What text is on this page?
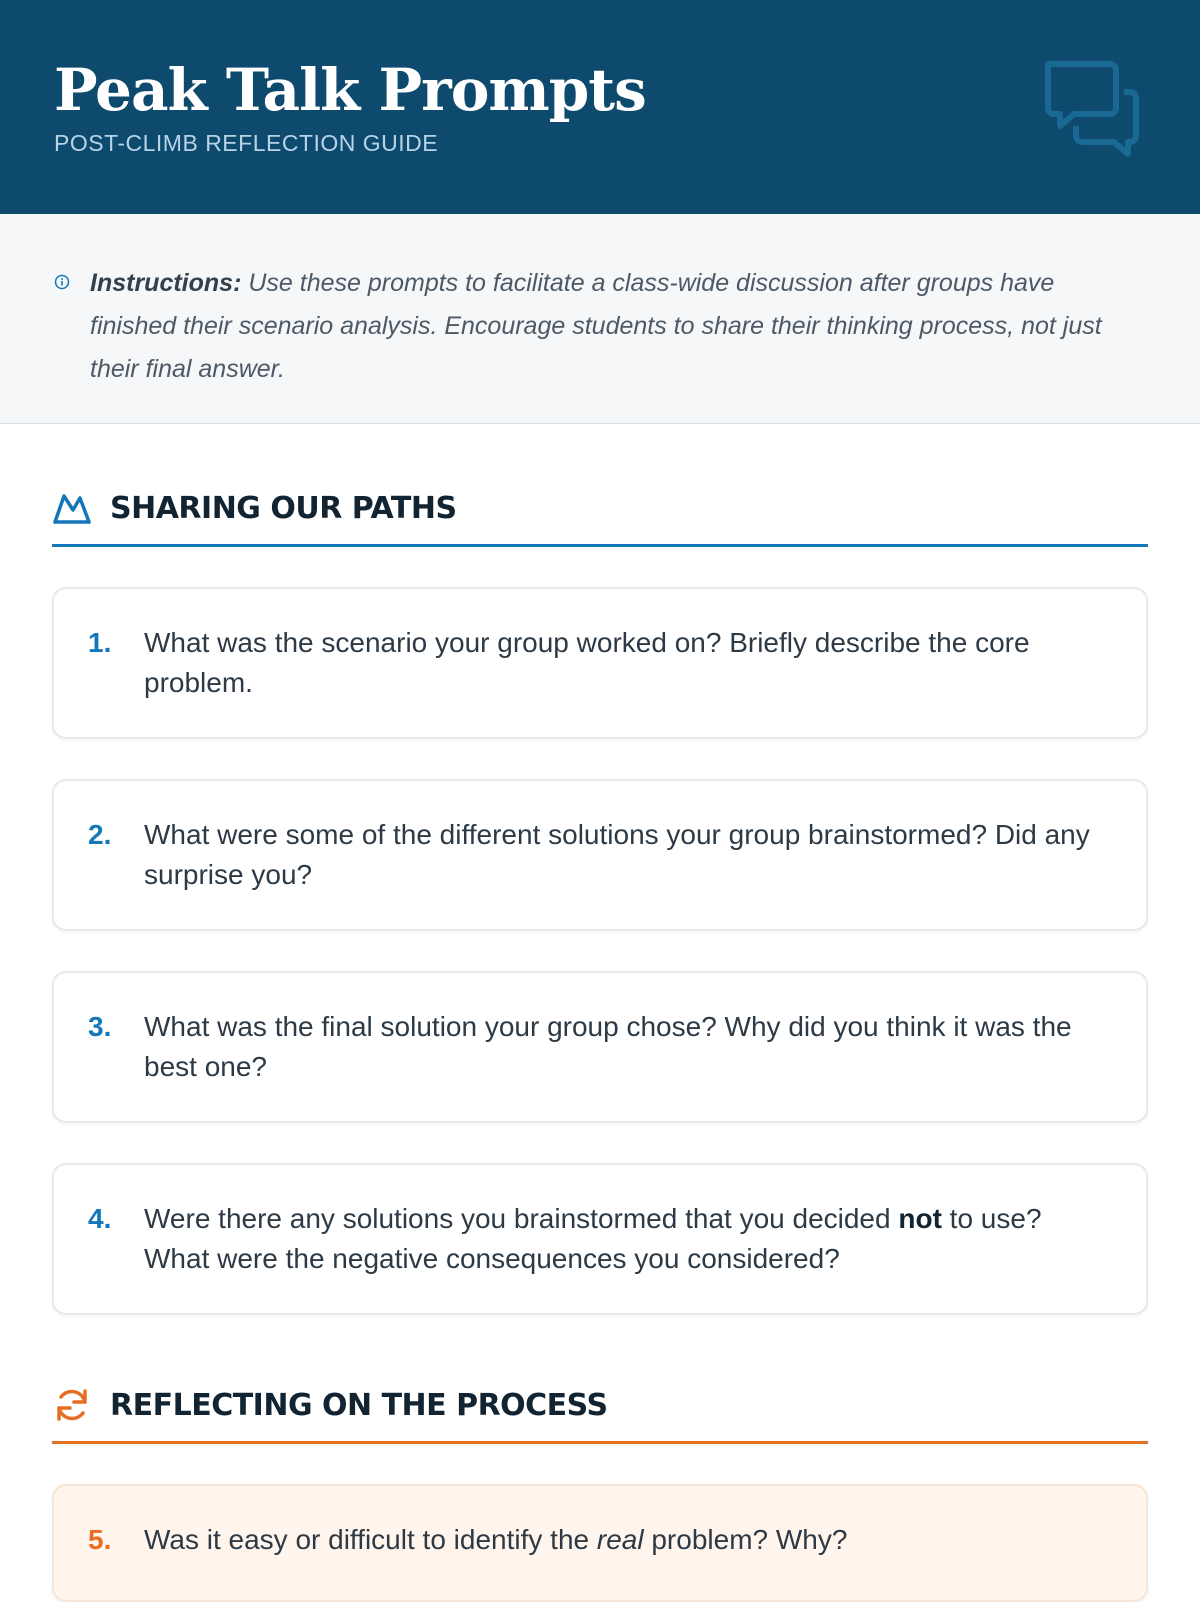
Peak Talk Prompts
POST-CLIMB REFLECTION GUIDE
Instructions: Use these prompts to facilitate a class-wide discussion after groups have finished their scenario analysis. Encourage students to share their thinking process, not just their final answer.
SHARING OUR PATHS
1.	What was the scenario your group worked on? Briefly describe the core problem.
2.	What were some of the different solutions your group brainstormed? Did any surprise you?
3.	What was the final solution your group chose? Why did you think it was the best one?
4.	Were there any solutions you brainstormed that you decided not to use? What were the negative consequences you considered?
REFLECTING ON THE PROCESS
5.	Was it easy or difficult to identify the real problem? Why?
